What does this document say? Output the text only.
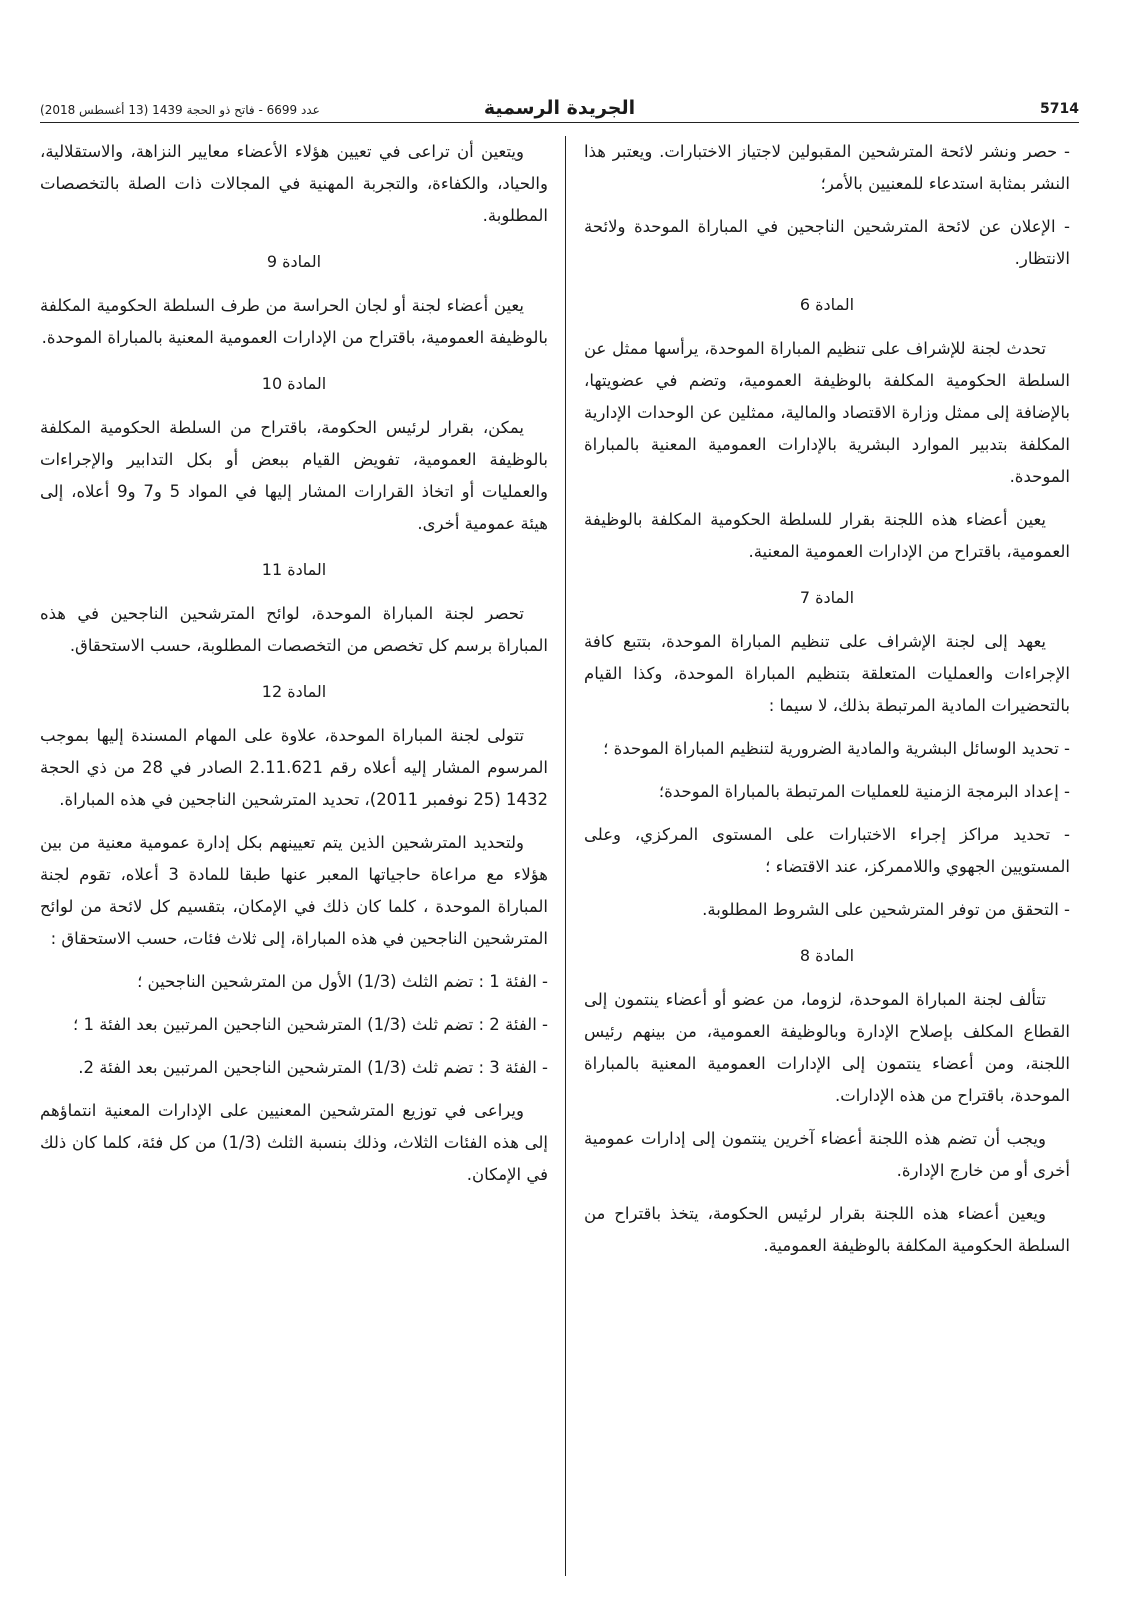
عدد 6699 - فاتح ذو الحجة 1439 (13 أغسطس 2018)	الجريدة الرسمية	5714

- حصر ونشر لائحة المترشحين المقبولين لاجتياز الاختبارات. ويعتبر هذا النشر بمثابة استدعاء للمعنيين بالأمر؛

- الإعلان عن لائحة المترشحين الناجحين في المباراة الموحدة ولائحة الانتظار.

المادة 6

تحدث لجنة للإشراف على تنظيم المباراة الموحدة، يرأسها ممثل عن السلطة الحكومية المكلفة بالوظيفة العمومية، وتضم في عضويتها، بالإضافة إلى ممثل وزارة الاقتصاد والمالية، ممثلين عن الوحدات الإدارية المكلفة بتدبير الموارد البشرية بالإدارات العمومية المعنية بالمباراة الموحدة.

يعين أعضاء هذه اللجنة بقرار للسلطة الحكومية المكلفة بالوظيفة العمومية، باقتراح من الإدارات العمومية المعنية.

المادة 7

يعهد إلى لجنة الإشراف على تنظيم المباراة الموحدة، بتتبع كافة الإجراءات والعمليات المتعلقة بتنظيم المباراة الموحدة، وكذا القيام بالتحضيرات المادية المرتبطة بذلك، لا سيما :

- تحديد الوسائل البشرية والمادية الضرورية لتنظيم المباراة الموحدة ؛

- إعداد البرمجة الزمنية للعمليات المرتبطة بالمباراة الموحدة؛

- تحديد مراكز إجراء الاختبارات على المستوى المركزي، وعلى المستويين الجهوي واللاممركز، عند الاقتضاء ؛

- التحقق من توفر المترشحين على الشروط المطلوبة.

المادة 8

تتألف لجنة المباراة الموحدة، لزوما، من عضو أو أعضاء ينتمون إلى القطاع المكلف بإصلاح الإدارة وبالوظيفة العمومية، من بينهم رئيس اللجنة، ومن أعضاء ينتمون إلى الإدارات العمومية المعنية بالمباراة الموحدة، باقتراح من هذه الإدارات.

ويجب أن تضم هذه اللجنة أعضاء آخرين ينتمون إلى إدارات عمومية أخرى أو من خارج الإدارة.

ويعين أعضاء هذه اللجنة بقرار لرئيس الحكومة، يتخذ باقتراح من السلطة الحكومية المكلفة بالوظيفة العمومية.

ويتعين أن تراعى في تعيين هؤلاء الأعضاء معايير النزاهة، والاستقلالية، والحياد، والكفاءة، والتجربة المهنية في المجالات ذات الصلة بالتخصصات المطلوبة.

المادة 9

يعين أعضاء لجنة أو لجان الحراسة من طرف السلطة الحكومية المكلفة بالوظيفة العمومية، باقتراح من الإدارات العمومية المعنية بالمباراة الموحدة.

المادة 10

يمكن، بقرار لرئيس الحكومة، باقتراح من السلطة الحكومية المكلفة بالوظيفة العمومية، تفويض القيام ببعض أو بكل التدابير والإجراءات والعمليات أو اتخاذ القرارات المشار إليها في المواد 5 و7 و9 أعلاه، إلى هيئة عمومية أخرى.

المادة 11

تحصر لجنة المباراة الموحدة، لوائح المترشحين الناجحين في هذه المباراة برسم كل تخصص من التخصصات المطلوبة، حسب الاستحقاق.

المادة 12

تتولى لجنة المباراة الموحدة، علاوة على المهام المسندة إليها بموجب المرسوم المشار إليه أعلاه رقم 2.11.621 الصادر في 28 من ذي الحجة 1432 (25 نوفمبر 2011)، تحديد المترشحين الناجحين في هذه المباراة.

ولتحديد المترشحين الذين يتم تعيينهم بكل إدارة عمومية معنية من بين هؤلاء مع مراعاة حاجياتها المعبر عنها طبقا للمادة 3 أعلاه، تقوم لجنة المباراة الموحدة ، كلما كان ذلك في الإمكان، بتقسيم كل لائحة من لوائح المترشحين الناجحين في هذه المباراة، إلى ثلاث فئات، حسب الاستحقاق :

- الفئة 1 : تضم الثلث (1/3) الأول من المترشحين الناجحين ؛

- الفئة 2 : تضم ثلث (1/3) المترشحين الناجحين المرتبين بعد الفئة 1 ؛

- الفئة 3 : تضم ثلث (1/3) المترشحين الناجحين المرتبين بعد الفئة 2.

ويراعى في توزيع المترشحين المعنيين على الإدارات المعنية انتماؤهم إلى هذه الفئات الثلاث، وذلك بنسبة الثلث (1/3) من كل فئة، كلما كان ذلك في الإمكان.
